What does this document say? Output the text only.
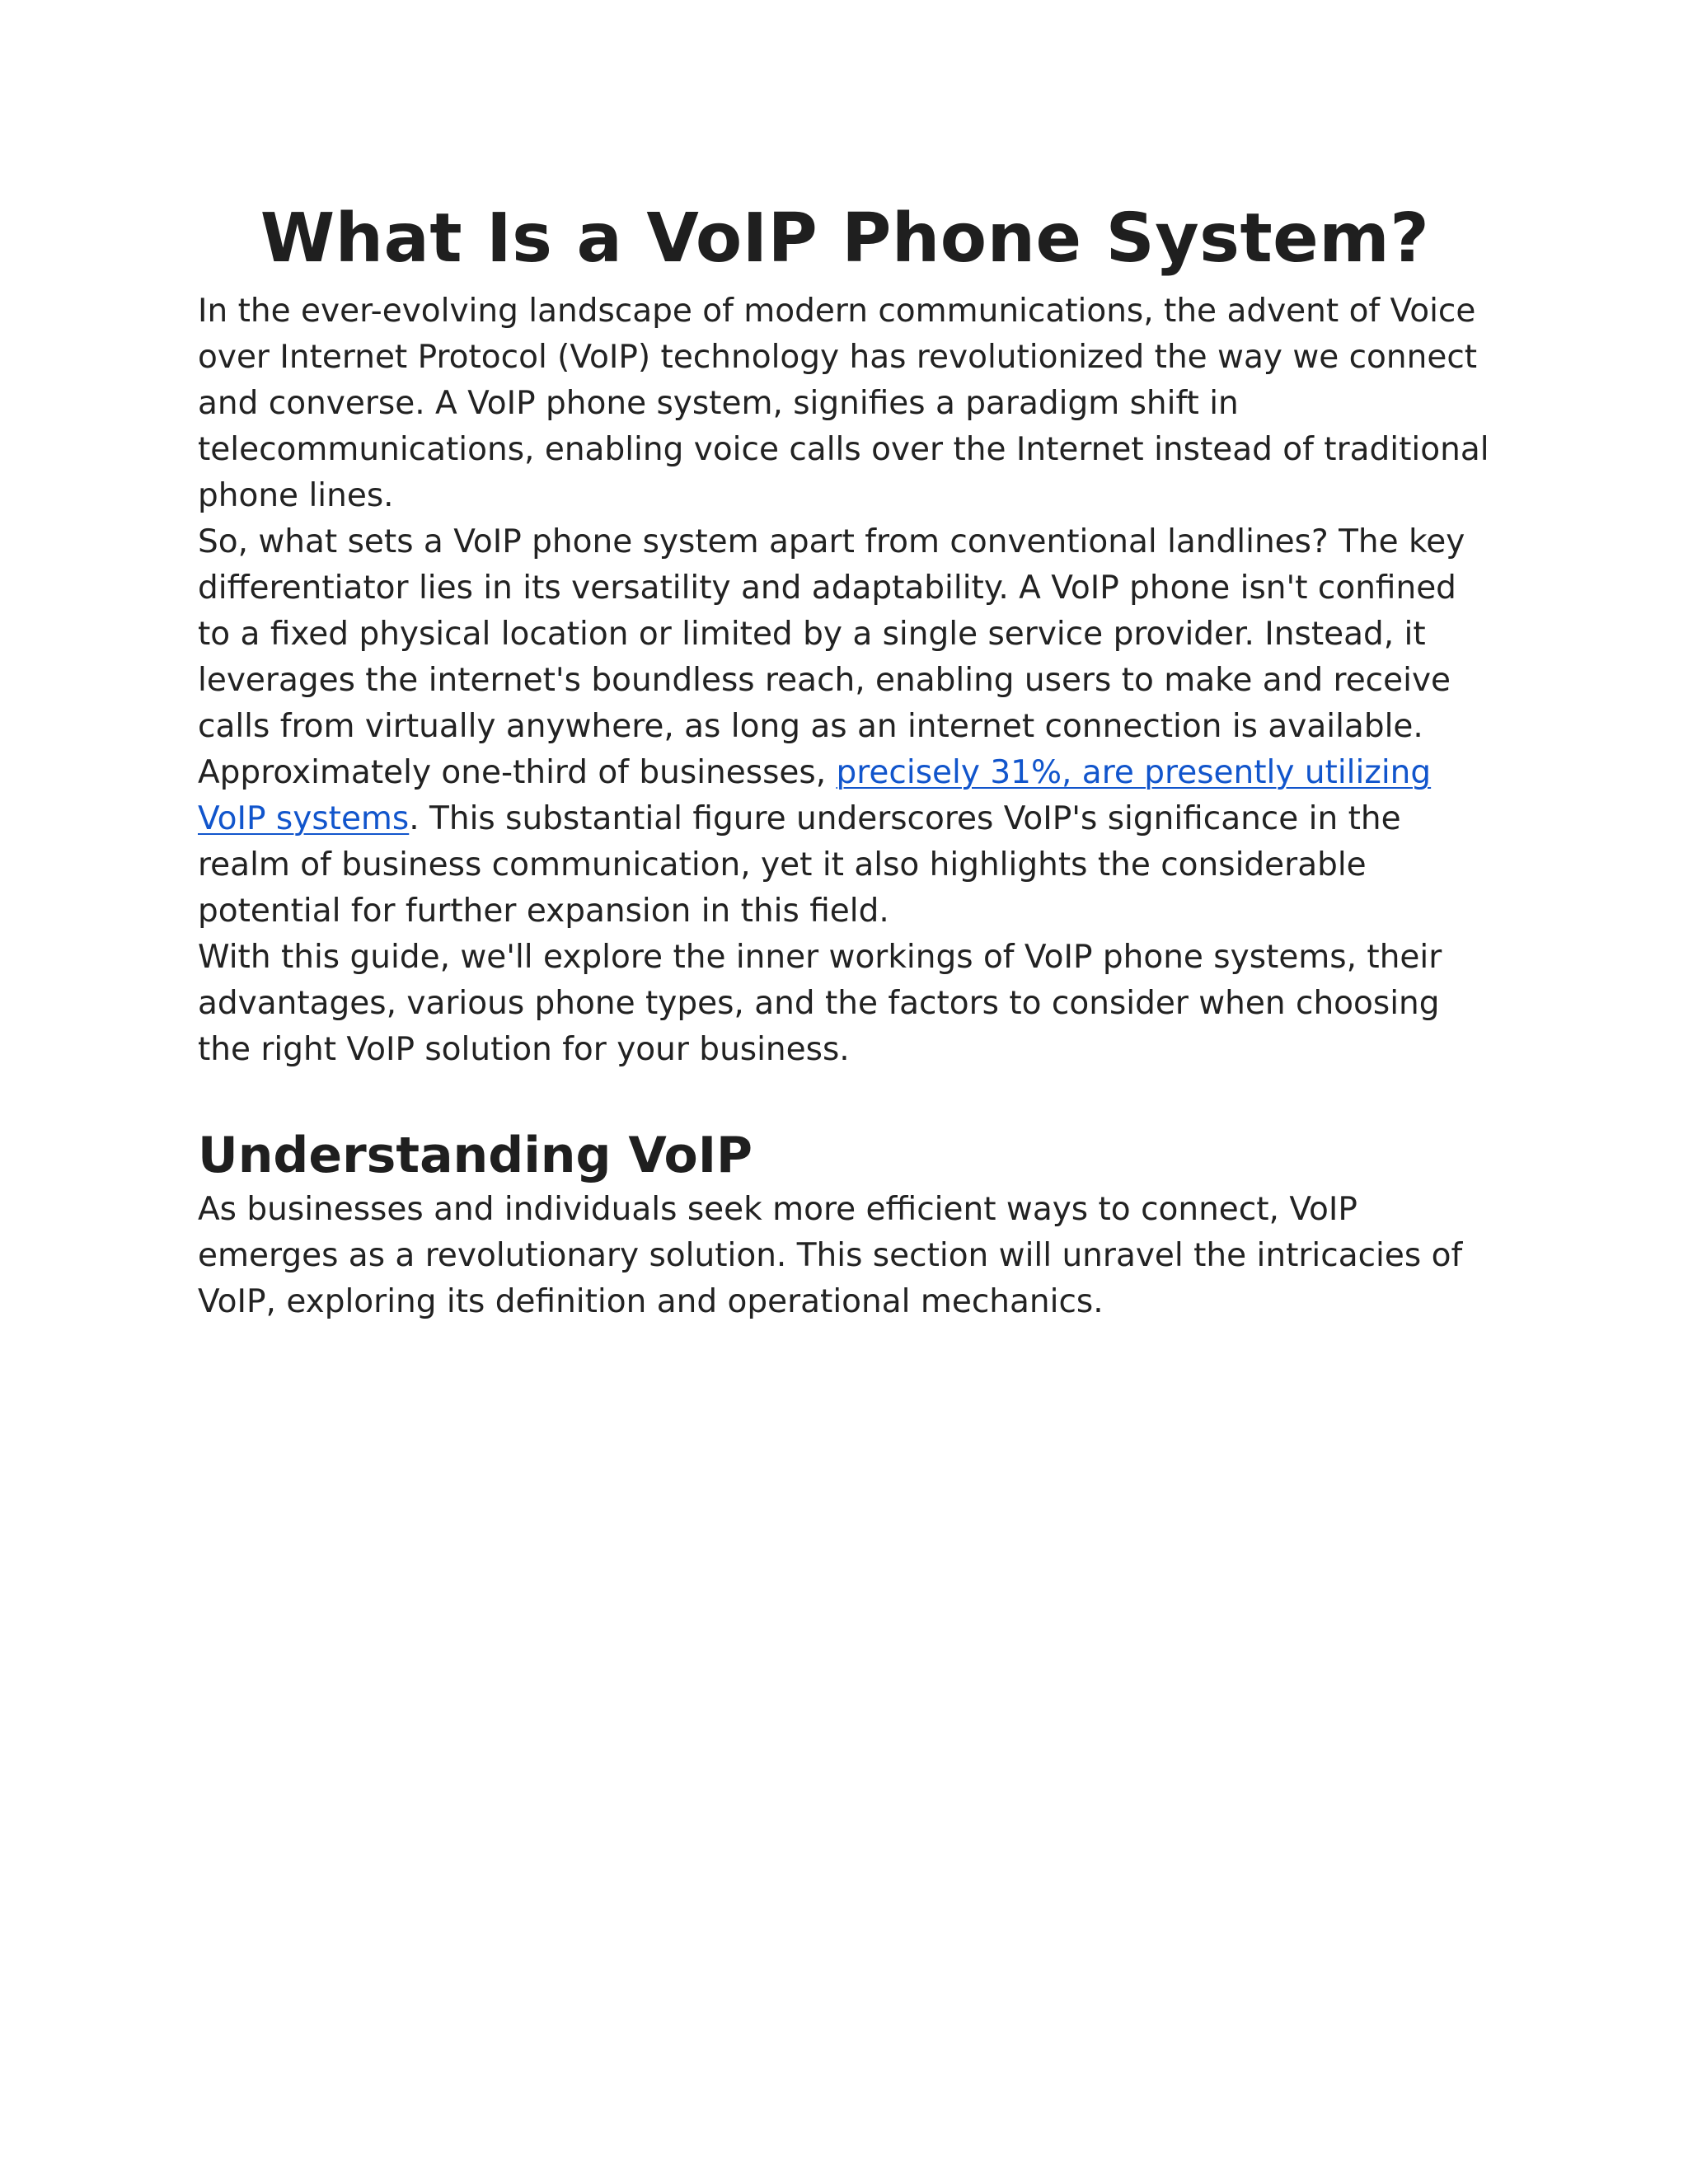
What Is a VoIP Phone System?

In the ever-evolving landscape of modern communications, the advent of Voice over Internet Protocol (VoIP) technology has revolutionized the way we connect and converse. A VoIP phone system, signifies a paradigm shift in telecommunications, enabling voice calls over the Internet instead of traditional phone lines.

So, what sets a VoIP phone system apart from conventional landlines? The key differentiator lies in its versatility and adaptability. A VoIP phone isn't confined to a fixed physical location or limited by a single service provider. Instead, it leverages the internet's boundless reach, enabling users to make and receive calls from virtually anywhere, as long as an internet connection is available.

Approximately one-third of businesses, precisely 31%, are presently utilizing VoIP systems. This substantial figure underscores VoIP's significance in the realm of business communication, yet it also highlights the considerable potential for further expansion in this field.

With this guide, we'll explore the inner workings of VoIP phone systems, their advantages, various phone types, and the factors to consider when choosing the right VoIP solution for your business.

Understanding VoIP

As businesses and individuals seek more efficient ways to connect, VoIP emerges as a revolutionary solution. This section will unravel the intricacies of VoIP, exploring its definition and operational mechanics.
